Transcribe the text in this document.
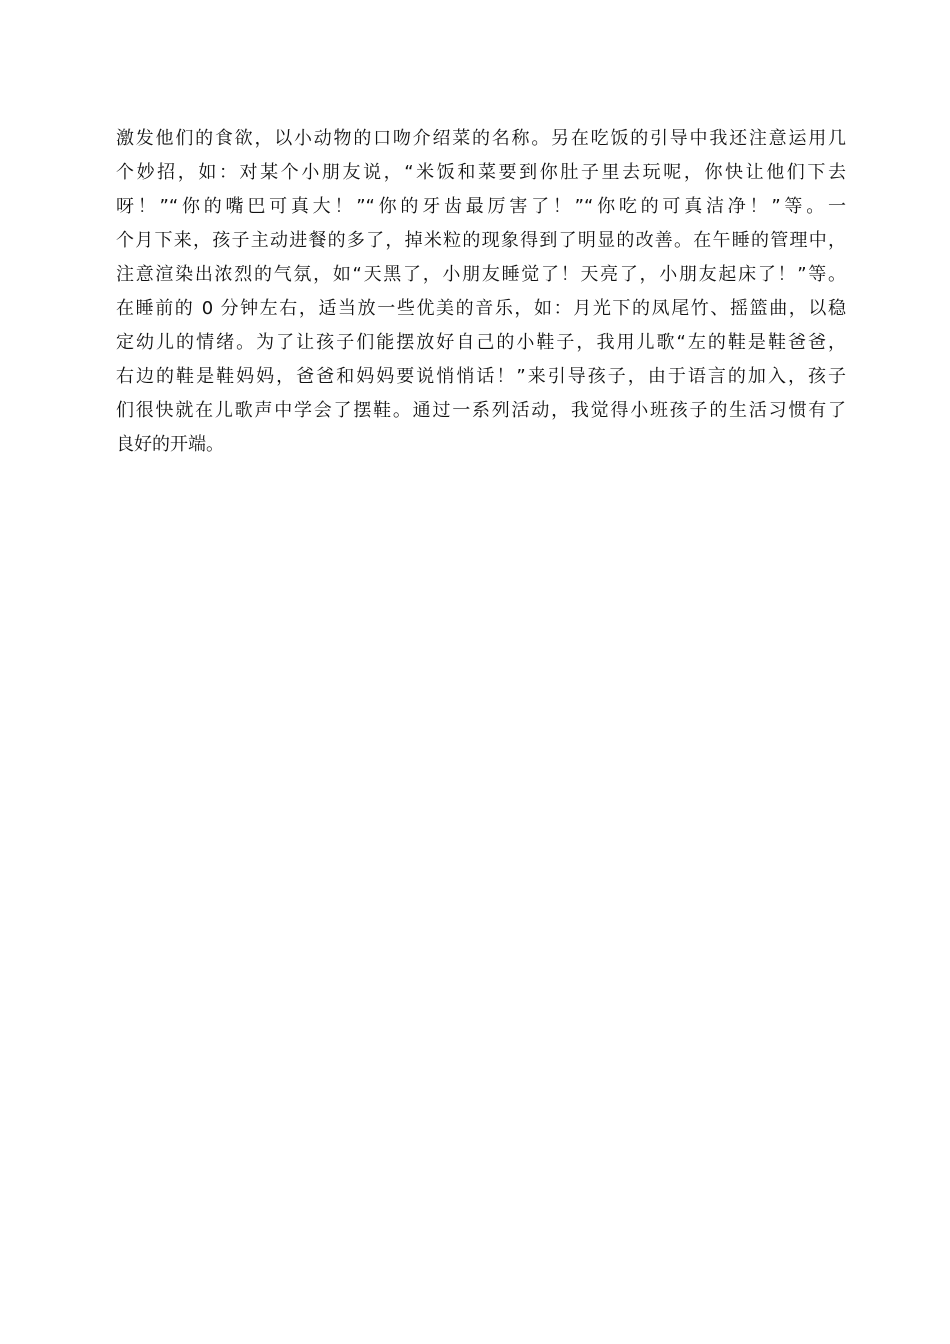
激发他们的食欲，以小动物的口吻介绍菜的名称。另在吃饭的引导中我还注意运用几
个妙招，如：对某个小朋友说，“米饭和菜要到你肚子里去玩呢，你快让他们下去
呀！”“你的嘴巴可真大！”“你的牙齿最厉害了！”“你吃的可真洁净！”等。一
个月下来，孩子主动进餐的多了，掉米粒的现象得到了明显的改善。在午睡的管理中，
注意渲染出浓烈的气氛，如“天黑了，小朋友睡觉了！天亮了，小朋友起床了！”等。
在睡前的 0 分钟左右，适当放一些优美的音乐，如：月光下的凤尾竹、摇篮曲，以稳
定幼儿的情绪。为了让孩子们能摆放好自己的小鞋子，我用儿歌“左的鞋是鞋爸爸，
右边的鞋是鞋妈妈，爸爸和妈妈要说悄悄话！”来引导孩子，由于语言的加入，孩子
们很快就在儿歌声中学会了摆鞋。通过一系列活动，我觉得小班孩子的生活习惯有了
良好的开端。
